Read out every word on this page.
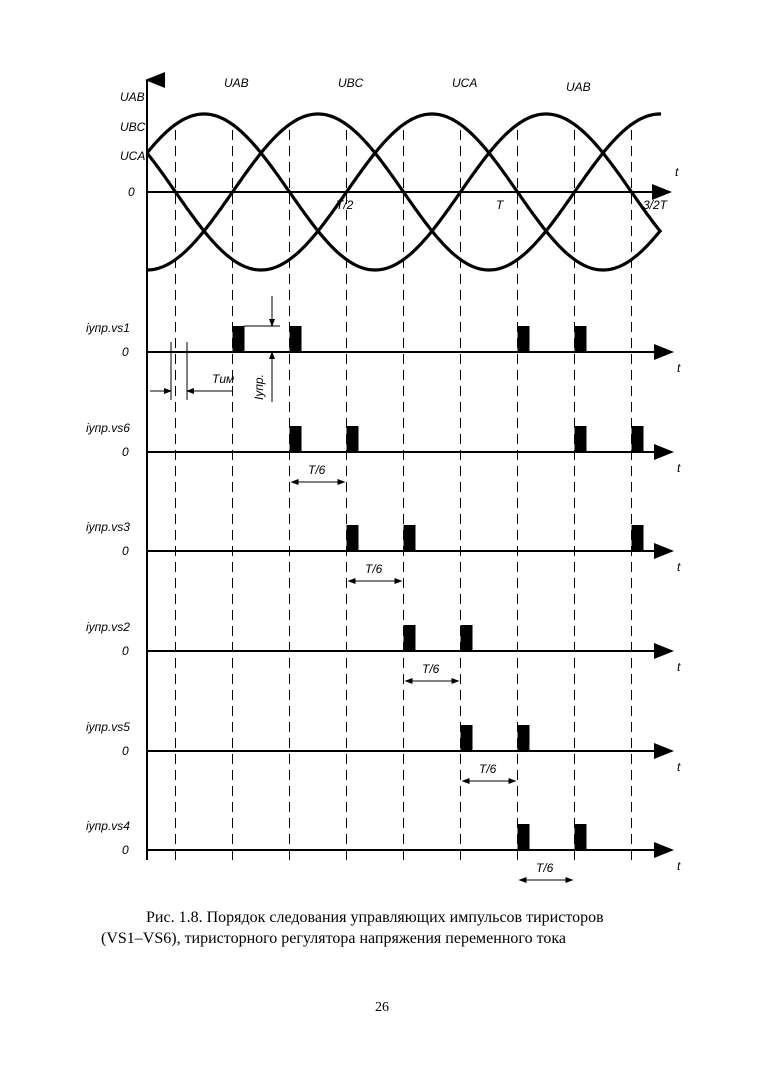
UAB
UBC
UCA
0
UAB	UBC	UCA	UAB
T/2	T	3/2T
t
iупр.vs1
0
t
iупр.vs6
0
t
iупр.vs3
0
t
iупр.vs2
0
t
iупр.vs5
0
t
iупр.vs4
0
t
Tим Iупр.
T/6
T/6
T/6
T/6
T/6
Рис. 1.8. Порядок следования управляющих импульсов тиристоров
(VS1–VS6), тиристорного регулятора напряжения переменного тока
26
